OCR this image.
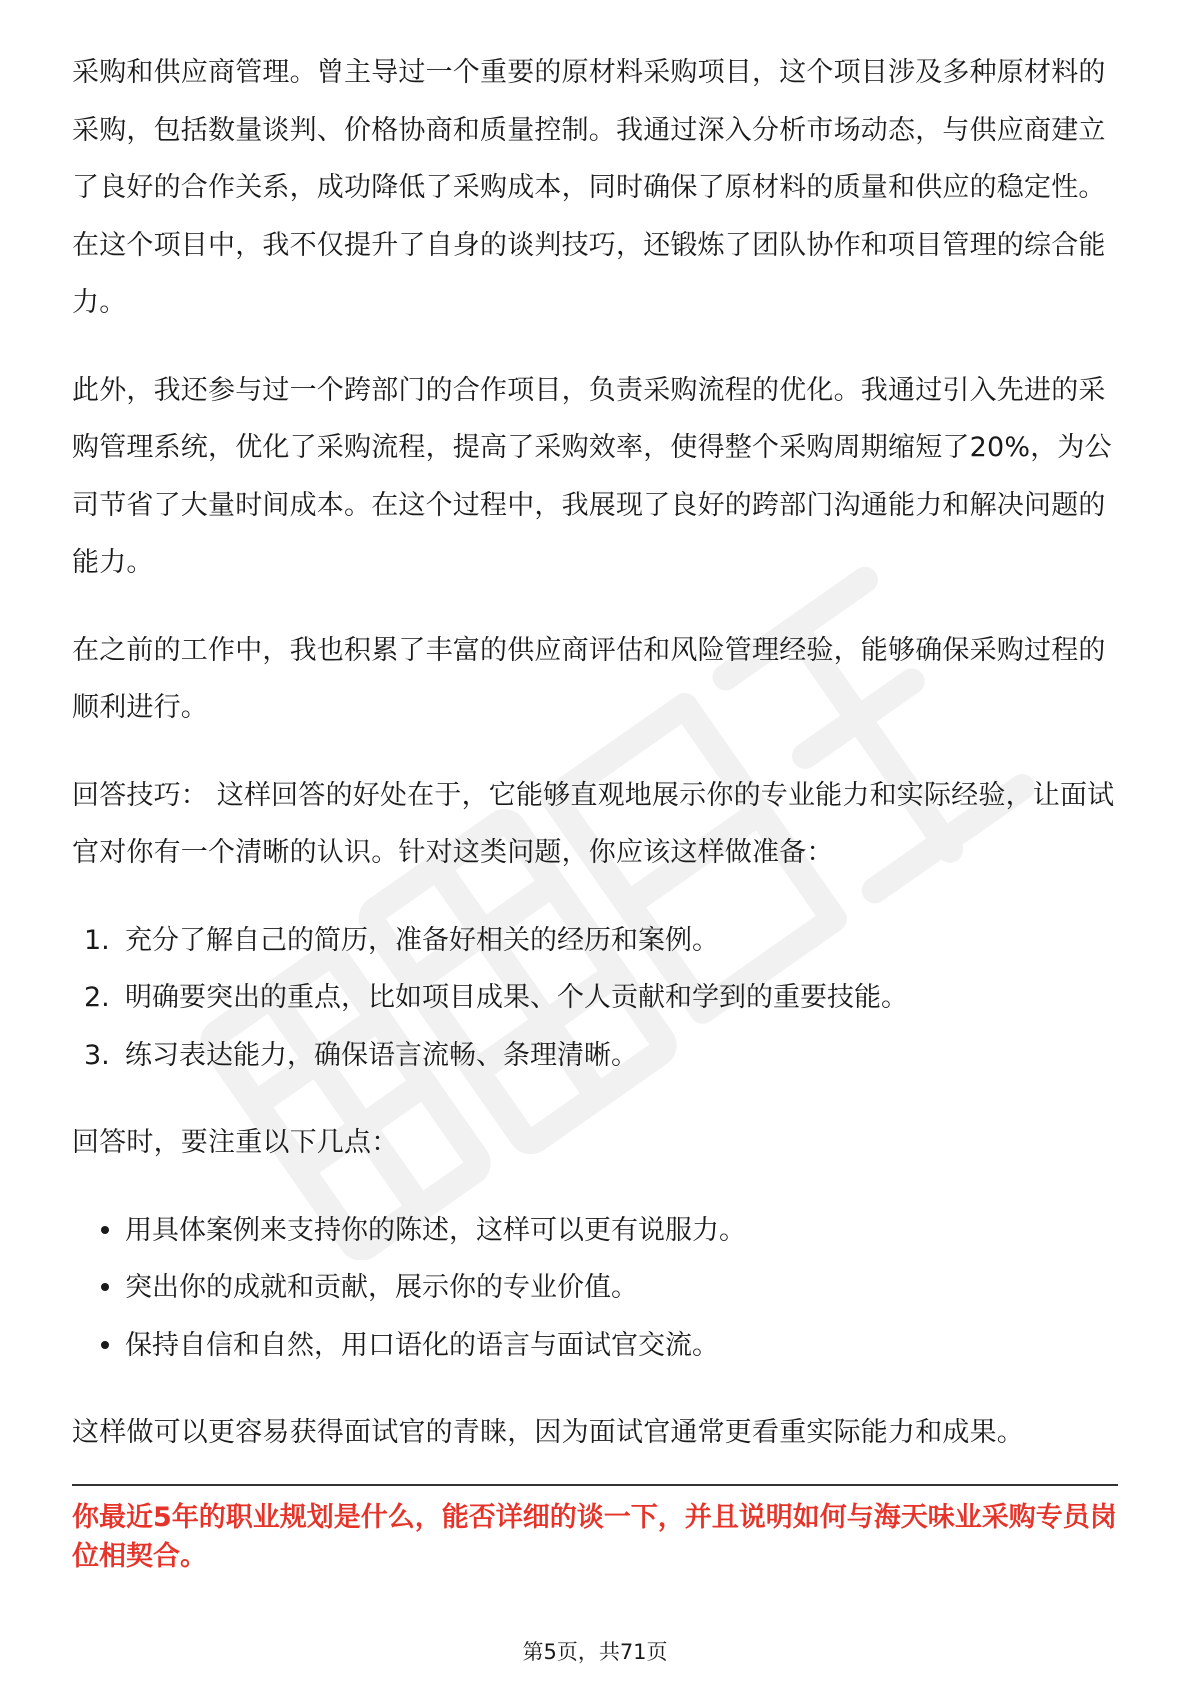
采购和供应商管理。曾主导过一个重要的原材料采购项目，这个项目涉及多种原材料的采购，包括数量谈判、价格协商和质量控制。我通过深入分析市场动态，与供应商建立了良好的合作关系，成功降低了采购成本，同时确保了原材料的质量和供应的稳定性。在这个项目中，我不仅提升了自身的谈判技巧，还锻炼了团队协作和项目管理的综合能力。

此外，我还参与过一个跨部门的合作项目，负责采购流程的优化。我通过引入先进的采购管理系统，优化了采购流程，提高了采购效率，使得整个采购周期缩短了20%，为公司节省了大量时间成本。在这个过程中，我展现了良好的跨部门沟通能力和解决问题的能力。

在之前的工作中，我也积累了丰富的供应商评估和风险管理经验，能够确保采购过程的顺利进行。

回答技巧： 这样回答的好处在于，它能够直观地展示你的专业能力和实际经验，让面试官对你有一个清晰的认识。针对这类问题，你应该这样做准备：

1. 充分了解自己的简历，准备好相关的经历和案例。
2. 明确要突出的重点，比如项目成果、个人贡献和学到的重要技能。
3. 练习表达能力，确保语言流畅、条理清晰。

回答时，要注重以下几点：

用具体案例来支持你的陈述，这样可以更有说服力。
突出你的成就和贡献，展示你的专业价值。
保持自信和自然，用口语化的语言与面试官交流。

这样做可以更容易获得面试官的青睐，因为面试官通常更看重实际能力和成果。

你最近5年的职业规划是什么，能否详细的谈一下，并且说明如何与海天味业采购专员岗位相契合。
第5页，共71页
